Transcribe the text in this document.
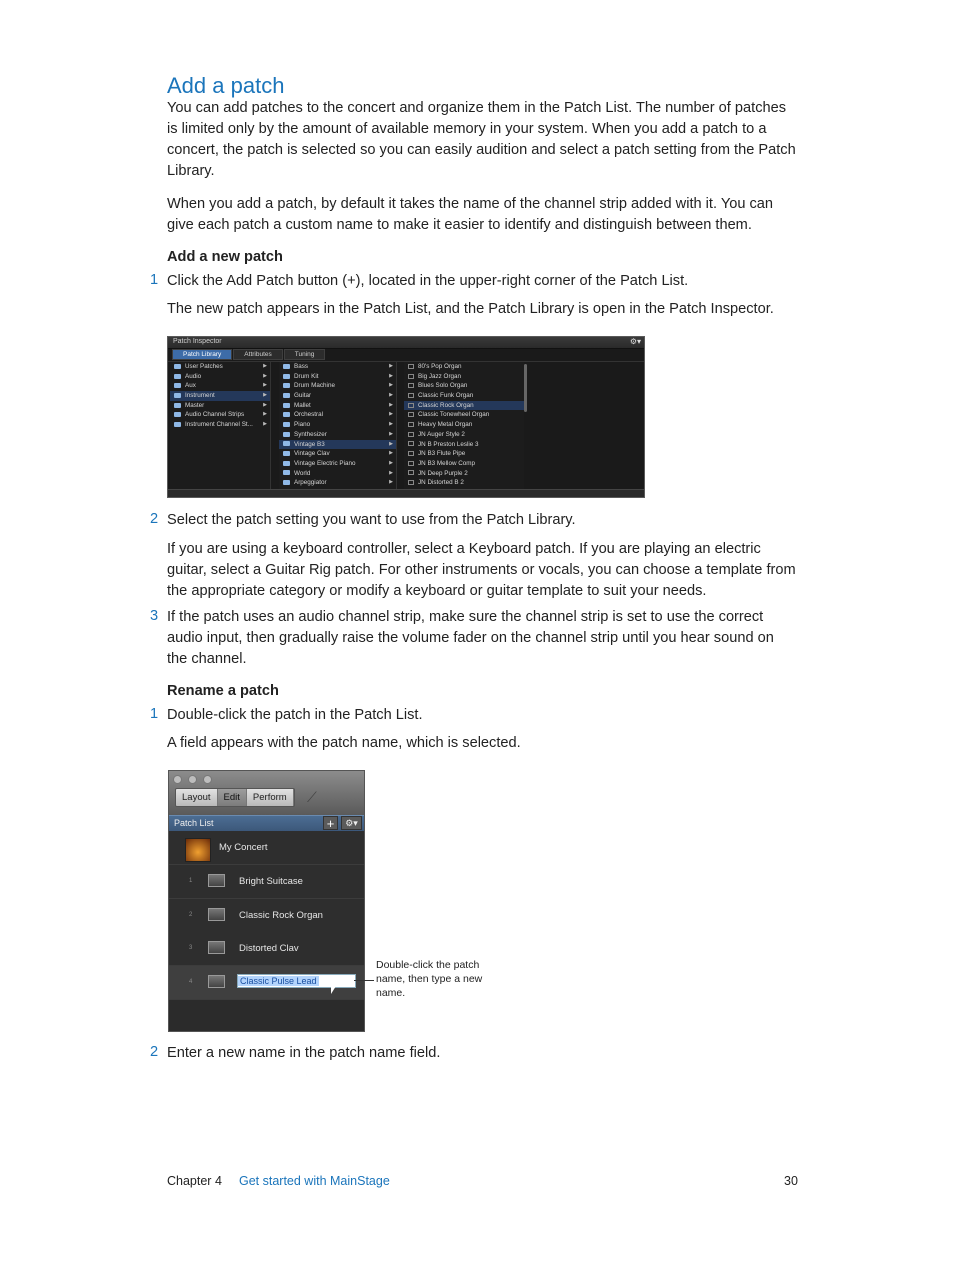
Add a patch

You can add patches to the concert and organize them in the Patch List. The number of patches is limited only by the amount of available memory in your system. When you add a patch to a concert, the patch is selected so you can easily audition and select a patch setting from the Patch Library.

When you add a patch, by default it takes the name of the channel strip added with it. You can give each patch a custom name to make it easier to identify and distinguish between them.

Add a new patch
1 Click the Add Patch button (+), located in the upper-right corner of the Patch List.

The new patch appears in the Patch List, and the Patch Library is open in the Patch Inspector.

Patch Inspector	⚙▾
Patch Library	Attributes	Tuning
User Patches	▶
Audio	▶
Aux	▶
Instrument	▶
Master	▶
Audio Channel Strips	▶
Instrument Channel St... ▶
Bass	▶
Drum Kit	▶
Drum Machine	▶
Guitar	▶
Mallet	▶
Orchestral	▶
Piano	▶
Synthesizer	▶
Vintage B3	▶
Vintage Clav	▶
Vintage Electric Piano	▶
World	▶
Arpeggiator	▶
80's Pop Organ
Big Jazz Organ
Blues Solo Organ
Classic Funk Organ
Classic Rock Organ
Classic Tonewheel Organ
Heavy Metal Organ
JN Auger Style 2
JN B Preston Leslie 3
JN B3 Flute Pipe
JN B3 Mellow Comp
JN Deep Purple 2
JN Distorted B 2
2 Select the patch setting you want to use from the Patch Library.

If you are using a keyboard controller, select a Keyboard patch. If you are playing an electric guitar, select a Guitar Rig patch. For other instruments or vocals, you can choose a template from the appropriate category or modify a keyboard or guitar template to suit your needs.

3 If the patch uses an audio channel strip, make sure the channel strip is set to use the correct audio input, then gradually raise the volume fader on the channel strip until you hear sound on the channel.

Rename a patch
1 Double-click the patch in the Patch List.

A field appears with the patch name, which is selected.

Layout	Edit	Perform	⟋
Patch List	+	⚙▾
My Concert
1	Bright Suitcase
2	Classic Rock Organ
3	Distorted Clav
4	Classic Pulse Lead
Double-click the patch name, then type a new name.
2 Enter a new name in the patch name field.

Chapter 4 Get started with MainStage	30
